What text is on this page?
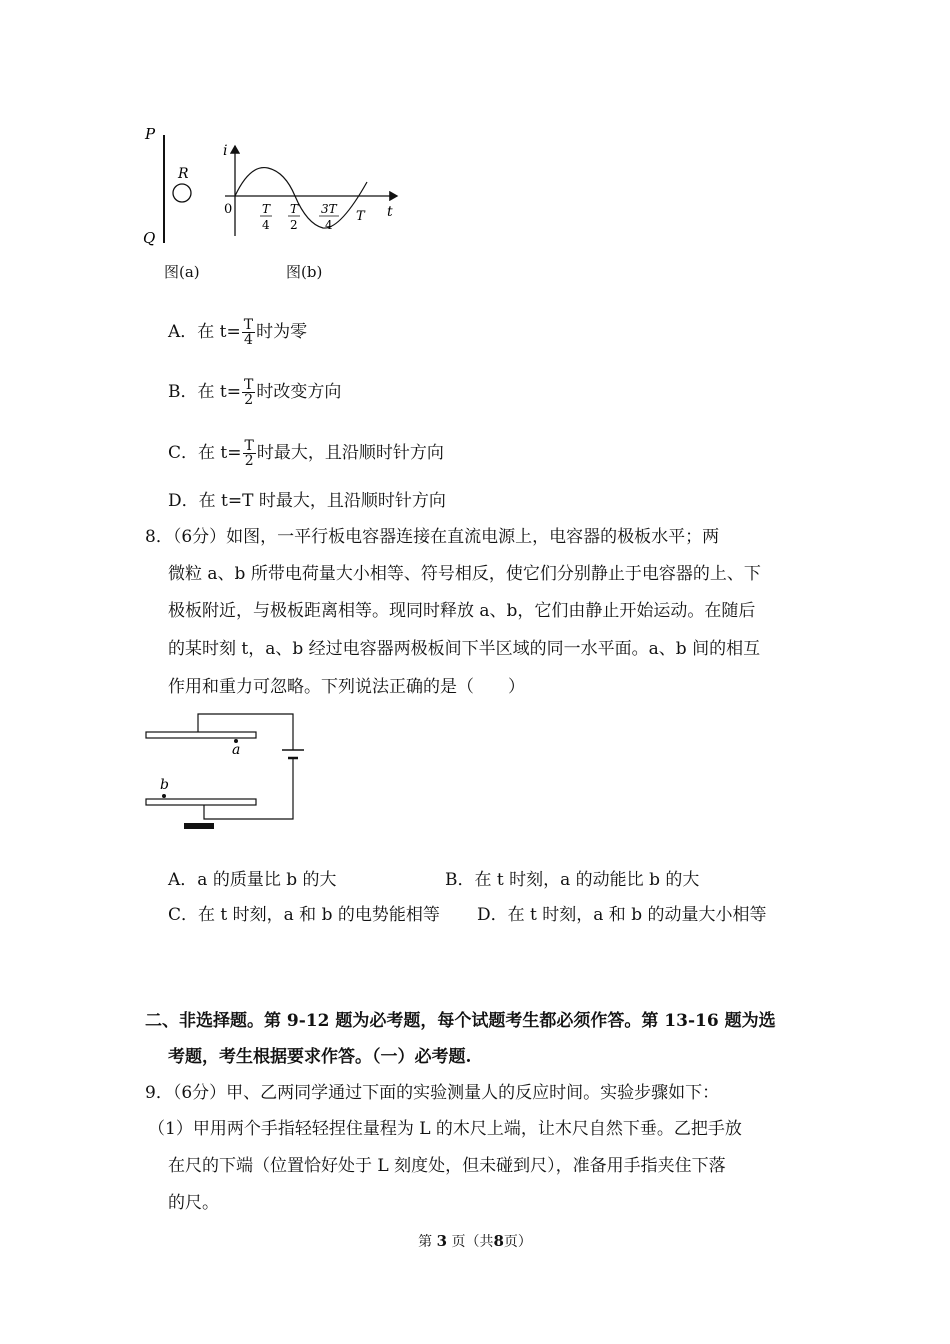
P
Q
R
图(a)
i
t
0 T
4
T
2
3T
4
T
图(b)
A．在 $t= \frac{T}{4}$ 时为零
B．在 $t= \frac{T}{2}$ 时改变方向
C．在 $t= \frac{T}{2}$ 时最大，且沿顺时针方向
D．在 t=T 时最大，且沿顺时针方向
8．（6分）如图，一平行板电容器连接在直流电源上，电容器的极板水平；两
微粒 a、b 所带电荷量大小相等、符号相反，使它们分别静止于电容器的上、下
极板附近，与极板距离相等。现同时释放 a、b，它们由静止开始运动。在随后
的某时刻 t，a、b 经过电容器两极板间下半区域的同一水平面。a、b 间的相互
作用和重力可忽略。下列说法正确的是（　　）
a
b
A．a 的质量比 b 的大	B．在 t 时刻，a 的动能比 b 的大
C．在 t 时刻，a 和 b 的电势能相等 D．在 t 时刻，a 和 b 的动量大小相等
二、非选择题。第 9-12 题为必考题，每个试题考生都必须作答。第 13-16 题为选
考题，考生根据要求作答。（一）必考题.
9．（6分）甲、乙两同学通过下面的实验测量人的反应时间。实验步骤如下：
（1）甲用两个手指轻轻捏住量程为 L 的木尺上端，让木尺自然下垂。乙把手放
在尺的下端（位置恰好处于 L 刻度处，但未碰到尺），准备用手指夹住下落
的尺。
第 3 页（共8页）
